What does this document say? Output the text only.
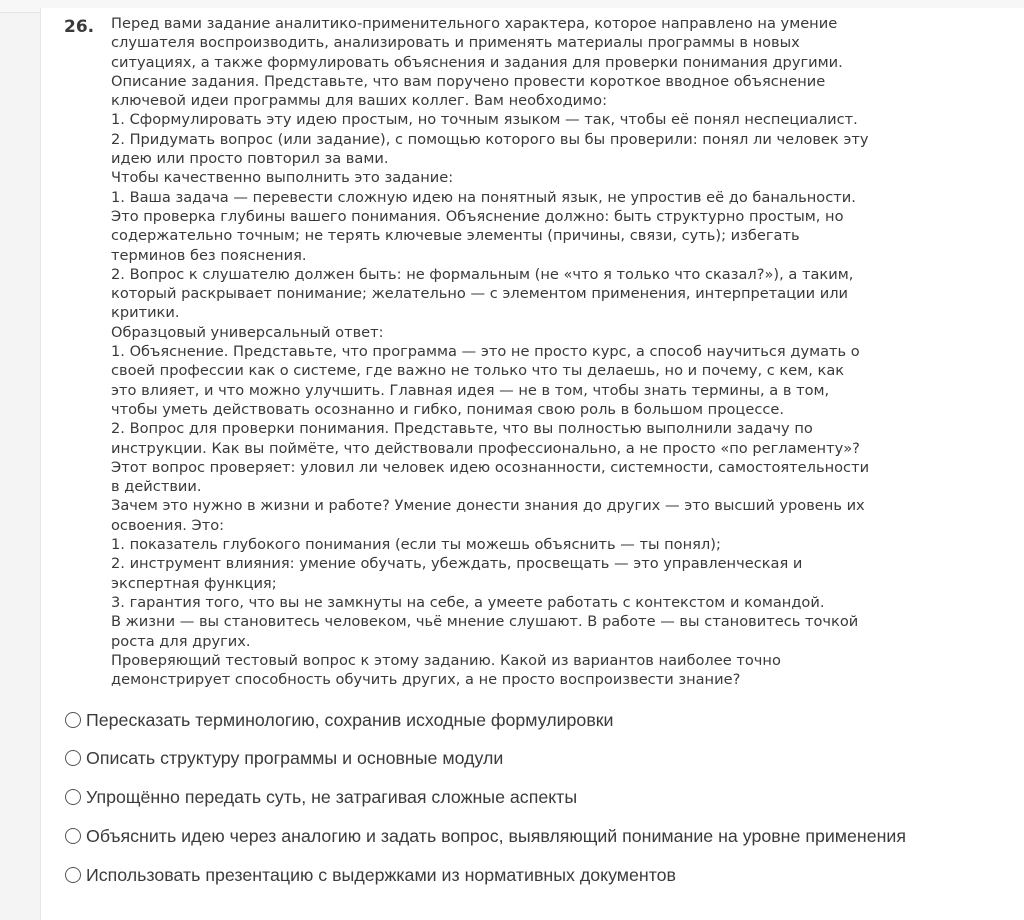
26. Перед вами задание аналитико-применительного характера, которое направлено на умение
слушателя воспроизводить, анализировать и применять материалы программы в новых
ситуациях, а также формулировать объяснения и задания для проверки понимания другими.
Описание задания. Представьте, что вам поручено провести короткое вводное объяснение
ключевой идеи программы для ваших коллег. Вам необходимо:
1. Сформулировать эту идею простым, но точным языком — так, чтобы её понял неспециалист.
2. Придумать вопрос (или задание), с помощью которого вы бы проверили: понял ли человек эту
идею или просто повторил за вами.
Чтобы качественно выполнить это задание:
1. Ваша задача — перевести сложную идею на понятный язык, не упростив её до банальности.
Это проверка глубины вашего понимания. Объяснение должно: быть структурно простым, но
содержательно точным; не терять ключевые элементы (причины, связи, суть); избегать
терминов без пояснения.
2. Вопрос к слушателю должен быть: не формальным (не «что я только что сказал?»), а таким,
который раскрывает понимание; желательно — с элементом применения, интерпретации или
критики.
Образцовый универсальный ответ:
1. Объяснение. Представьте, что программа — это не просто курс, а способ научиться думать о
своей профессии как о системе, где важно не только что ты делаешь, но и почему, с кем, как
это влияет, и что можно улучшить. Главная идея — не в том, чтобы знать термины, а в том,
чтобы уметь действовать осознанно и гибко, понимая свою роль в большом процессе.
2. Вопрос для проверки понимания. Представьте, что вы полностью выполнили задачу по
инструкции. Как вы поймёте, что действовали профессионально, а не просто «по регламенту»?
Этот вопрос проверяет: уловил ли человек идею осознанности, системности, самостоятельности
в действии.
Зачем это нужно в жизни и работе? Умение донести знания до других — это высший уровень их
освоения. Это:
1. показатель глубокого понимания (если ты можешь объяснить — ты понял);
2. инструмент влияния: умение обучать, убеждать, просвещать — это управленческая и
экспертная функция;
3. гарантия того, что вы не замкнуты на себе, а умеете работать с контекстом и командой.
В жизни — вы становитесь человеком, чьё мнение слушают. В работе — вы становитесь точкой
роста для других.
Проверяющий тестовый вопрос к этому заданию. Какой из вариантов наиболее точно
демонстрирует способность обучить других, а не просто воспроизвести знание?
Пересказать терминологию, сохранив исходные формулировки
Описать структуру программы и основные модули
Упрощённо передать суть, не затрагивая сложные аспекты
Объяснить идею через аналогию и задать вопрос, выявляющий понимание на уровне применения
Использовать презентацию с выдержками из нормативных документов
